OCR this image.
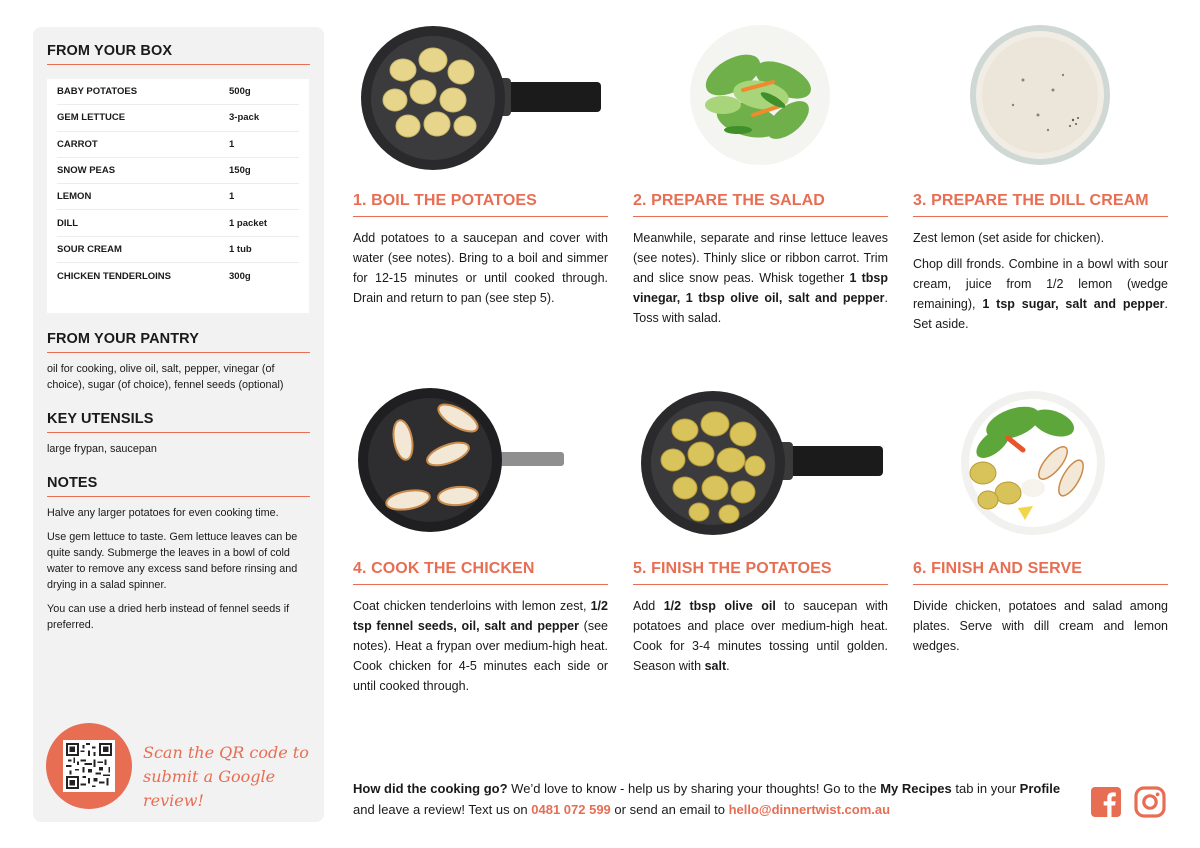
FROM YOUR BOX
BABY POTATOES	500g
GEM LETTUCE	3-pack
CARROT	1
SNOW PEAS	150g
LEMON	1
DILL	1 packet
SOUR CREAM	1 tub
CHICKEN TENDERLOINS	300g
FROM YOUR PANTRY
oil for cooking, olive oil, salt, pepper, vinegar (of choice), sugar (of choice), fennel seeds (optional)
KEY UTENSILS
large frypan, saucepan
NOTES

Halve any larger potatoes for even cooking time.

Use gem lettuce to taste. Gem lettuce leaves can be quite sandy. Submerge the leaves in a bowl of cold water to remove any excess sand before rinsing and drying in a salad spinner.

You can use a dried herb instead of fennel seeds if preferred.

Scan the QR code to
submit a Google review!
1. BOIL THE POTATOES

Add potatoes to a saucepan and cover with water (see notes). Bring to a boil and simmer for 12-15 minutes or until cooked through. Drain and return to pan (see step 5).

2. PREPARE THE SALAD

Meanwhile, separate and rinse lettuce leaves (see notes). Thinly slice or ribbon carrot. Trim and slice snow peas. Whisk together 1 tbsp vinegar, 1 tbsp olive oil, salt and pepper. Toss with salad.

3. PREPARE THE DILL CREAM

Zest lemon (set aside for chicken).

Chop dill fronds. Combine in a bowl with sour cream, juice from 1/2 lemon (wedge remaining), 1 tsp sugar, salt and pepper. Set aside.

4. COOK THE CHICKEN

Coat chicken tenderloins with lemon zest, 1/2 tsp fennel seeds, oil, salt and pepper (see notes). Heat a frypan over medium-high heat. Cook chicken for 4-5 minutes each side or until cooked through.

5. FINISH THE POTATOES

Add 1/2 tbsp olive oil to saucepan with potatoes and place over medium-high heat. Cook for 3-4 minutes tossing until golden. Season with salt.

6. FINISH AND SERVE

Divide chicken, potatoes and salad among plates. Serve with dill cream and lemon wedges.

How did the cooking go? We’d love to know - help us by sharing your thoughts! Go to the My Recipes tab in your Profile and leave a review! Text us on 0481 072 599 or send an email to hello@dinnertwist.com.au
